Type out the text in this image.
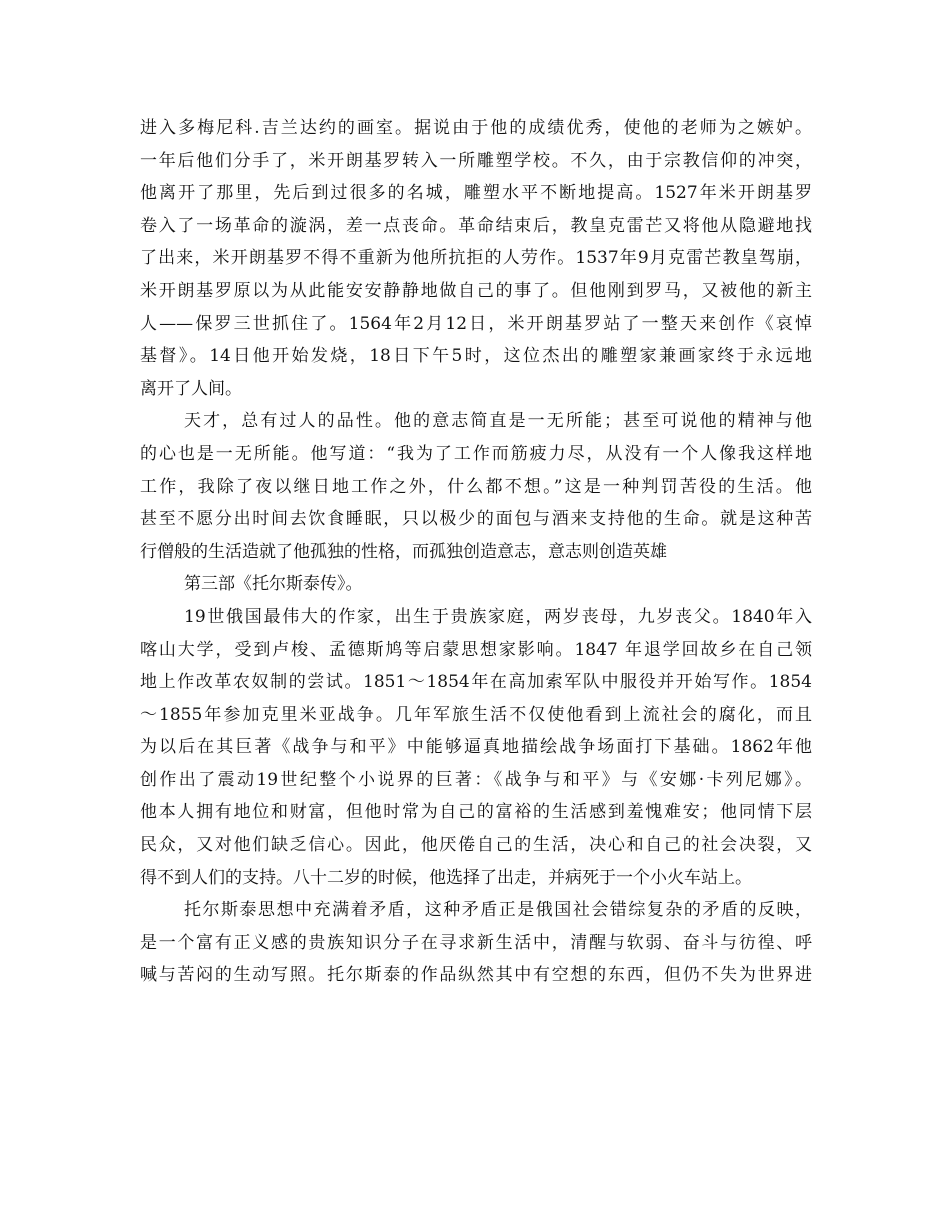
进入多梅尼科.吉兰达约的画室。据说由于他的成绩优秀，使他的老师为之嫉妒。
一年后他们分手了，米开朗基罗转入一所雕塑学校。不久，由于宗教信仰的冲突，
他离开了那里，先后到过很多的名城，雕塑水平不断地提高。1527年米开朗基罗
卷入了一场革命的漩涡，差一点丧命。革命结束后，教皇克雷芒又将他从隐避地找
了出来，米开朗基罗不得不重新为他所抗拒的人劳作。1537年9月克雷芒教皇驾崩，
米开朗基罗原以为从此能安安静静地做自己的事了。但他刚到罗马，又被他的新主
人——保罗三世抓住了。1564年2月12日，米开朗基罗站了一整天来创作《哀悼
基督》。14日他开始发烧，18日下午5时，这位杰出的雕塑家兼画家终于永远地
离开了人间。
天才，总有过人的品性。他的意志简直是一无所能；甚至可说他的精神与他
的心也是一无所能。他写道：“我为了工作而筋疲力尽，从没有一个人像我这样地
工作，我除了夜以继日地工作之外，什么都不想。”这是一种判罚苦役的生活。他
甚至不愿分出时间去饮食睡眠，只以极少的面包与酒来支持他的生命。就是这种苦
行僧般的生活造就了他孤独的性格，而孤独创造意志，意志则创造英雄
第三部《托尔斯泰传》。
19世俄国最伟大的作家，出生于贵族家庭，两岁丧母，九岁丧父。1840年入
喀山大学，受到卢梭、孟德斯鸠等启蒙思想家影响。1847 年退学回故乡在自己领
地上作改革农奴制的尝试。1851～1854年在高加索军队中服役并开始写作。1854
～1855年参加克里米亚战争。几年军旅生活不仅使他看到上流社会的腐化，而且
为以后在其巨著《战争与和平》中能够逼真地描绘战争场面打下基础。1862年他
创作出了震动19世纪整个小说界的巨著：《战争与和平》与《安娜·卡列尼娜》。
他本人拥有地位和财富，但他时常为自己的富裕的生活感到羞愧难安；他同情下层
民众，又对他们缺乏信心。因此，他厌倦自己的生活，决心和自己的社会决裂，又
得不到人们的支持。八十二岁的时候，他选择了出走，并病死于一个小火车站上。
托尔斯泰思想中充满着矛盾，这种矛盾正是俄国社会错综复杂的矛盾的反映，
是一个富有正义感的贵族知识分子在寻求新生活中，清醒与软弱、奋斗与彷徨、呼
喊与苦闷的生动写照。托尔斯泰的作品纵然其中有空想的东西，但仍不失为世界进
